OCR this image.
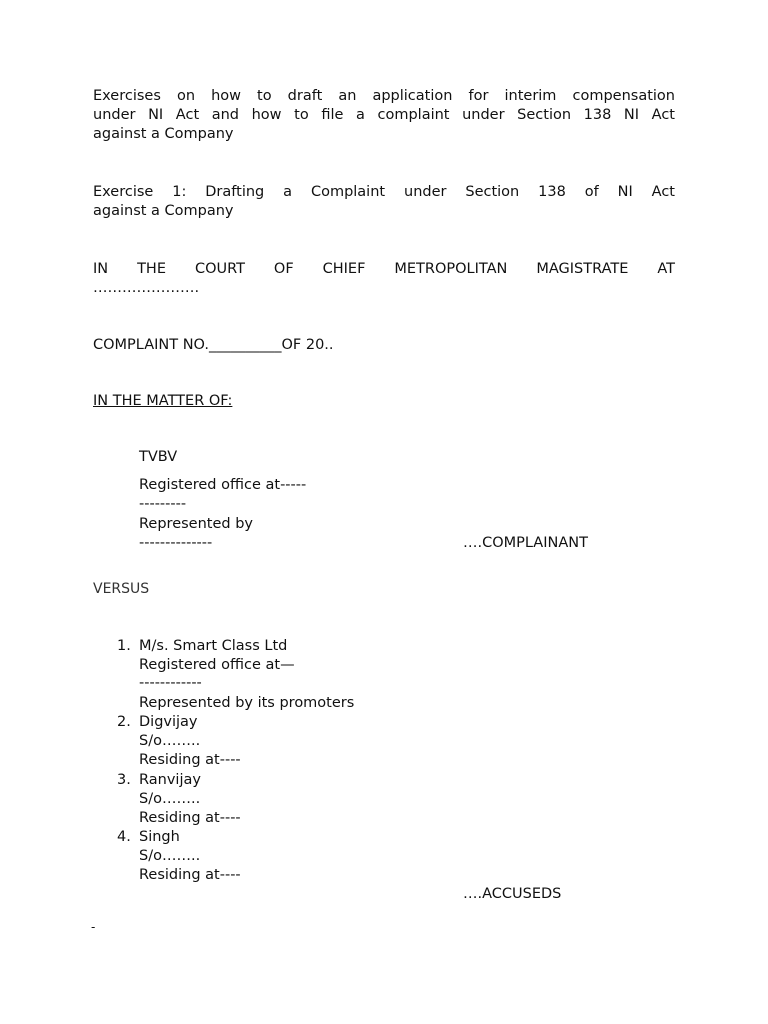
Exercises on how to draft an application for interim compensation
under NI Act and how to file a complaint under Section 138 NI Act
against a Company
Exercise 1: Drafting a Complaint under Section 138 of NI Act
against a Company
IN THE COURT OF CHIEF METROPOLITAN MAGISTRATE AT
………………….
COMPLAINT NO.__________OF 20..
IN THE MATTER OF:
TVBV
Registered office at-----
---------
Represented by
--------------	….COMPLAINANT
VERSUS
1. M/s. Smart Class Ltd
Registered office at—
------------
Represented by its promoters
2. Digvijay
S/o……..
Residing at----
3. Ranvijay
S/o……..
Residing at----
4. Singh
S/o……..
Residing at----
….ACCUSEDS
-
